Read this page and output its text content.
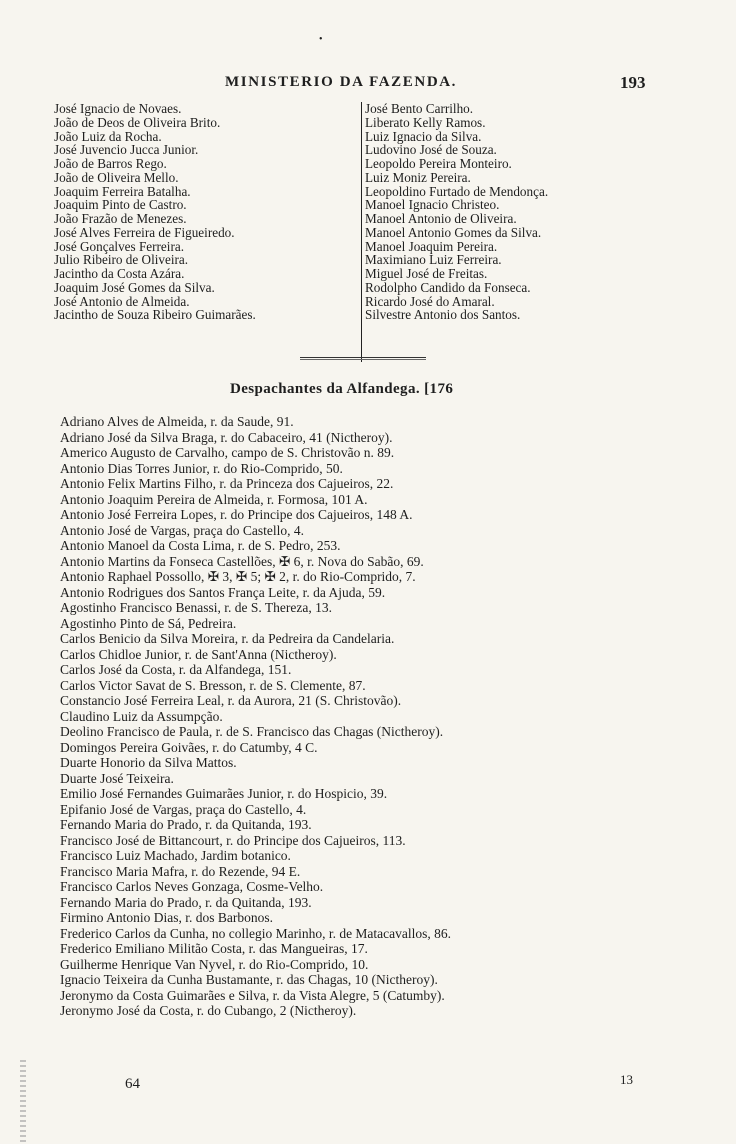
•
MINISTERIO DA FAZENDA.	193
José Ignacio de Novaes.
João de Deos de Oliveira Brito.
João Luiz da Rocha.
José Juvencio Jucca Junior.
João de Barros Rego.
João de Oliveira Mello.
Joaquim Ferreira Batalha.
Joaquim Pinto de Castro.
João Frazão de Menezes.
José Alves Ferreira de Figueiredo.
José Gonçalves Ferreira.
Julio Ribeiro de Oliveira.
Jacintho da Costa Azára.
Joaquim José Gomes da Silva.
José Antonio de Almeida.
Jacintho de Souza Ribeiro Guimarães.
José Bento Carrilho.
Liberato Kelly Ramos.
Luiz Ignacio da Silva.
Ludovino José de Souza.
Leopoldo Pereira Monteiro.
Luiz Moniz Pereira.
Leopoldino Furtado de Mendonça.
Manoel Ignacio Christeo.
Manoel Antonio de Oliveira.
Manoel Antonio Gomes da Silva.
Manoel Joaquim Pereira.
Maximiano Luiz Ferreira.
Miguel José de Freitas.
Rodolpho Candido da Fonseca.
Ricardo José do Amaral.
Silvestre Antonio dos Santos.
Despachantes da Alfandega. [176
Adriano Alves de Almeida, r. da Saude, 91.
Adriano José da Silva Braga, r. do Cabaceiro, 41 (Nictheroy).
Americo Augusto de Carvalho, campo de S. Christovão n. 89.
Antonio Dias Torres Junior, r. do Rio-Comprido, 50.
Antonio Felix Martins Filho, r. da Princeza dos Cajueiros, 22.
Antonio Joaquim Pereira de Almeida, r. Formosa, 101 A.
Antonio José Ferreira Lopes, r. do Principe dos Cajueiros, 148 A.
Antonio José de Vargas, praça do Castello, 4.
Antonio Manoel da Costa Lima, r. de S. Pedro, 253.
Antonio Martins da Fonseca Castellões, ✠ 6, r. Nova do Sabão, 69.
Antonio Raphael Possollo, ✠ 3, ✠ 5; ✠ 2, r. do Rio-Comprido, 7.
Antonio Rodrigues dos Santos França Leite, r. da Ajuda, 59.
Agostinho Francisco Benassi, r. de S. Thereza, 13.
Agostinho Pinto de Sá, Pedreira.
Carlos Benicio da Silva Moreira, r. da Pedreira da Candelaria.
Carlos Chidloe Junior, r. de Sant'Anna (Nictheroy).
Carlos José da Costa, r. da Alfandega, 151.
Carlos Victor Savat de S. Bresson, r. de S. Clemente, 87.
Constancio José Ferreira Leal, r. da Aurora, 21 (S. Christovão).
Claudino Luiz da Assumpção.
Deolino Francisco de Paula, r. de S. Francisco das Chagas (Nictheroy).
Domingos Pereira Goivães, r. do Catumby, 4 C.
Duarte Honorio da Silva Mattos.
Duarte José Teixeira.
Emilio José Fernandes Guimarães Junior, r. do Hospicio, 39.
Epifanio José de Vargas, praça do Castello, 4.
Fernando Maria do Prado, r. da Quitanda, 193.
Francisco José de Bittancourt, r. do Principe dos Cajueiros, 113.
Francisco Luiz Machado, Jardim botanico.
Francisco Maria Mafra, r. do Rezende, 94 E.
Francisco Carlos Neves Gonzaga, Cosme-Velho.
Fernando Maria do Prado, r. da Quitanda, 193.
Firmino Antonio Dias, r. dos Barbonos.
Frederico Carlos da Cunha, no collegio Marinho, r. de Matacavallos, 86.
Frederico Emiliano Militão Costa, r. das Mangueiras, 17.
Guilherme Henrique Van Nyvel, r. do Rio-Comprido, 10.
Ignacio Teixeira da Cunha Bustamante, r. das Chagas, 10 (Nictheroy).
Jeronymo da Costa Guimarães e Silva, r. da Vista Alegre, 5 (Catumby).
Jeronymo José da Costa, r. do Cubango, 2 (Nictheroy).
64	13
